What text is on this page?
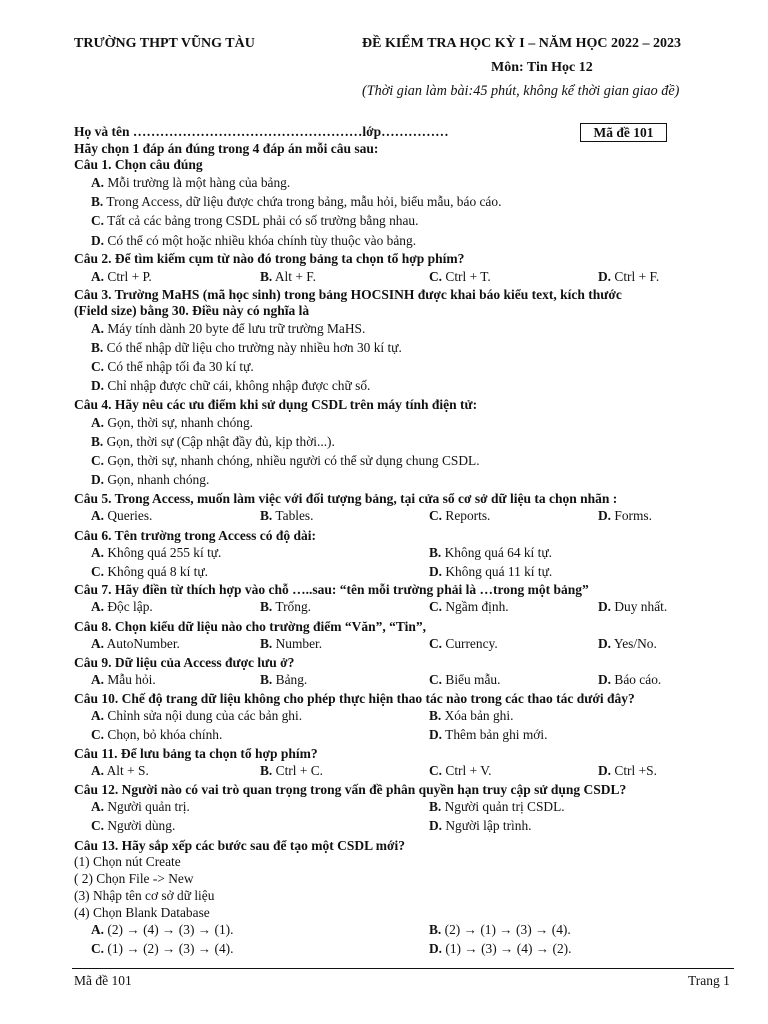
TRƯỜNG THPT VŨNG TÀU	ĐỀ KIỂM TRA HỌC KỲ I – NĂM HỌC 2022 – 2023
Môn: Tin Học 12
(Thời gian làm bài:45 phút, không kể thời gian giao đề)
Họ và tên ……………………………………………lớp……………	Mã đề 101
Hãy chọn 1 đáp án đúng trong 4 đáp án mỗi câu sau:
Câu 1. Chọn câu đúng
A. Mỗi trường là một hàng của bảng.
B. Trong Access, dữ liệu được chứa trong bảng, mẫu hỏi, biểu mẫu, báo cáo.
C. Tất cả các bảng trong CSDL phải có số trường bằng nhau.
D. Có thể có một hoặc nhiều khóa chính tùy thuộc vào bảng.
Câu 2. Để tìm kiếm cụm từ nào đó trong bảng ta chọn tổ hợp phím?
A. Ctrl + P.	B. Alt + F.	C. Ctrl + T.	D. Ctrl + F.
Câu 3. Trường MaHS (mã học sinh) trong bảng HOCSINH được khai báo kiểu text, kích thước
(Field size) bằng 30. Điều này có nghĩa là
A. Máy tính dành 20 byte để lưu trữ trường MaHS.
B. Có thể nhập dữ liệu cho trường này nhiều hơn 30 kí tự.
C. Có thể nhập tối đa 30 kí tự.
D. Chỉ nhập được chữ cái, không nhập được chữ số.
Câu 4. Hãy nêu các ưu điểm khi sử dụng CSDL trên máy tính điện tử:
A. Gọn, thời sự, nhanh chóng.
B. Gọn, thời sự (Cập nhật đầy đủ, kịp thời...).
C. Gọn, thời sự, nhanh chóng, nhiều người có thể sử dụng chung CSDL.
D. Gọn, nhanh chóng.
Câu 5. Trong Access, muốn làm việc với đối tượng bảng, tại cửa sổ cơ sở dữ liệu ta chọn nhãn :
A. Queries.	B. Tables.	C. Reports.	D. Forms.
Câu 6. Tên trường trong Access có độ dài:
A. Không quá 255 kí tự.	B. Không quá 64 kí tự.
C. Không quá 8 kí tự.	D. Không quá 11 kí tự.
Câu 7. Hãy điền từ thích hợp vào chỗ …..sau: “tên mỗi trường phải là …trong một bảng”
A. Độc lập.	B. Trống.	C. Ngầm định.	D. Duy nhất.
Câu 8. Chọn kiểu dữ liệu nào cho trường điểm “Văn”, “Tin”,
A. AutoNumber.	B. Number.	C. Currency.	D. Yes/No.
Câu 9. Dữ liệu của Access được lưu ở?
A. Mẫu hỏi.	B. Bảng.	C. Biểu mẫu.	D. Báo cáo.
Câu 10. Chế độ trang dữ liệu không cho phép thực hiện thao tác nào trong các thao tác dưới đây?
A. Chỉnh sửa nội dung của các bản ghi.	B. Xóa bản ghi.
C. Chọn, bỏ khóa chính.	D. Thêm bản ghi mới.
Câu 11. Để lưu bảng ta chọn tổ hợp phím?
A. Alt + S.	B. Ctrl + C.	C. Ctrl + V.	D. Ctrl +S.
Câu 12. Người nào có vai trò quan trọng trong vấn đề phân quyền hạn truy cập sử dụng CSDL?
A. Người quản trị.	B. Người quản trị CSDL.
C. Người dùng.	D. Người lập trình.
Câu 13. Hãy sắp xếp các bước sau để tạo một CSDL mới?
(1) Chọn nút Create
( 2) Chọn File -> New
(3) Nhập tên cơ sở dữ liệu
(4) Chọn Blank Database
A. (2) → (4) → (3) → (1).	B. (2) → (1) → (3) → (4).
C. (1) → (2) → (3) → (4).	D. (1) → (3) → (4) → (2).
Mã đề 101	Trang 1
